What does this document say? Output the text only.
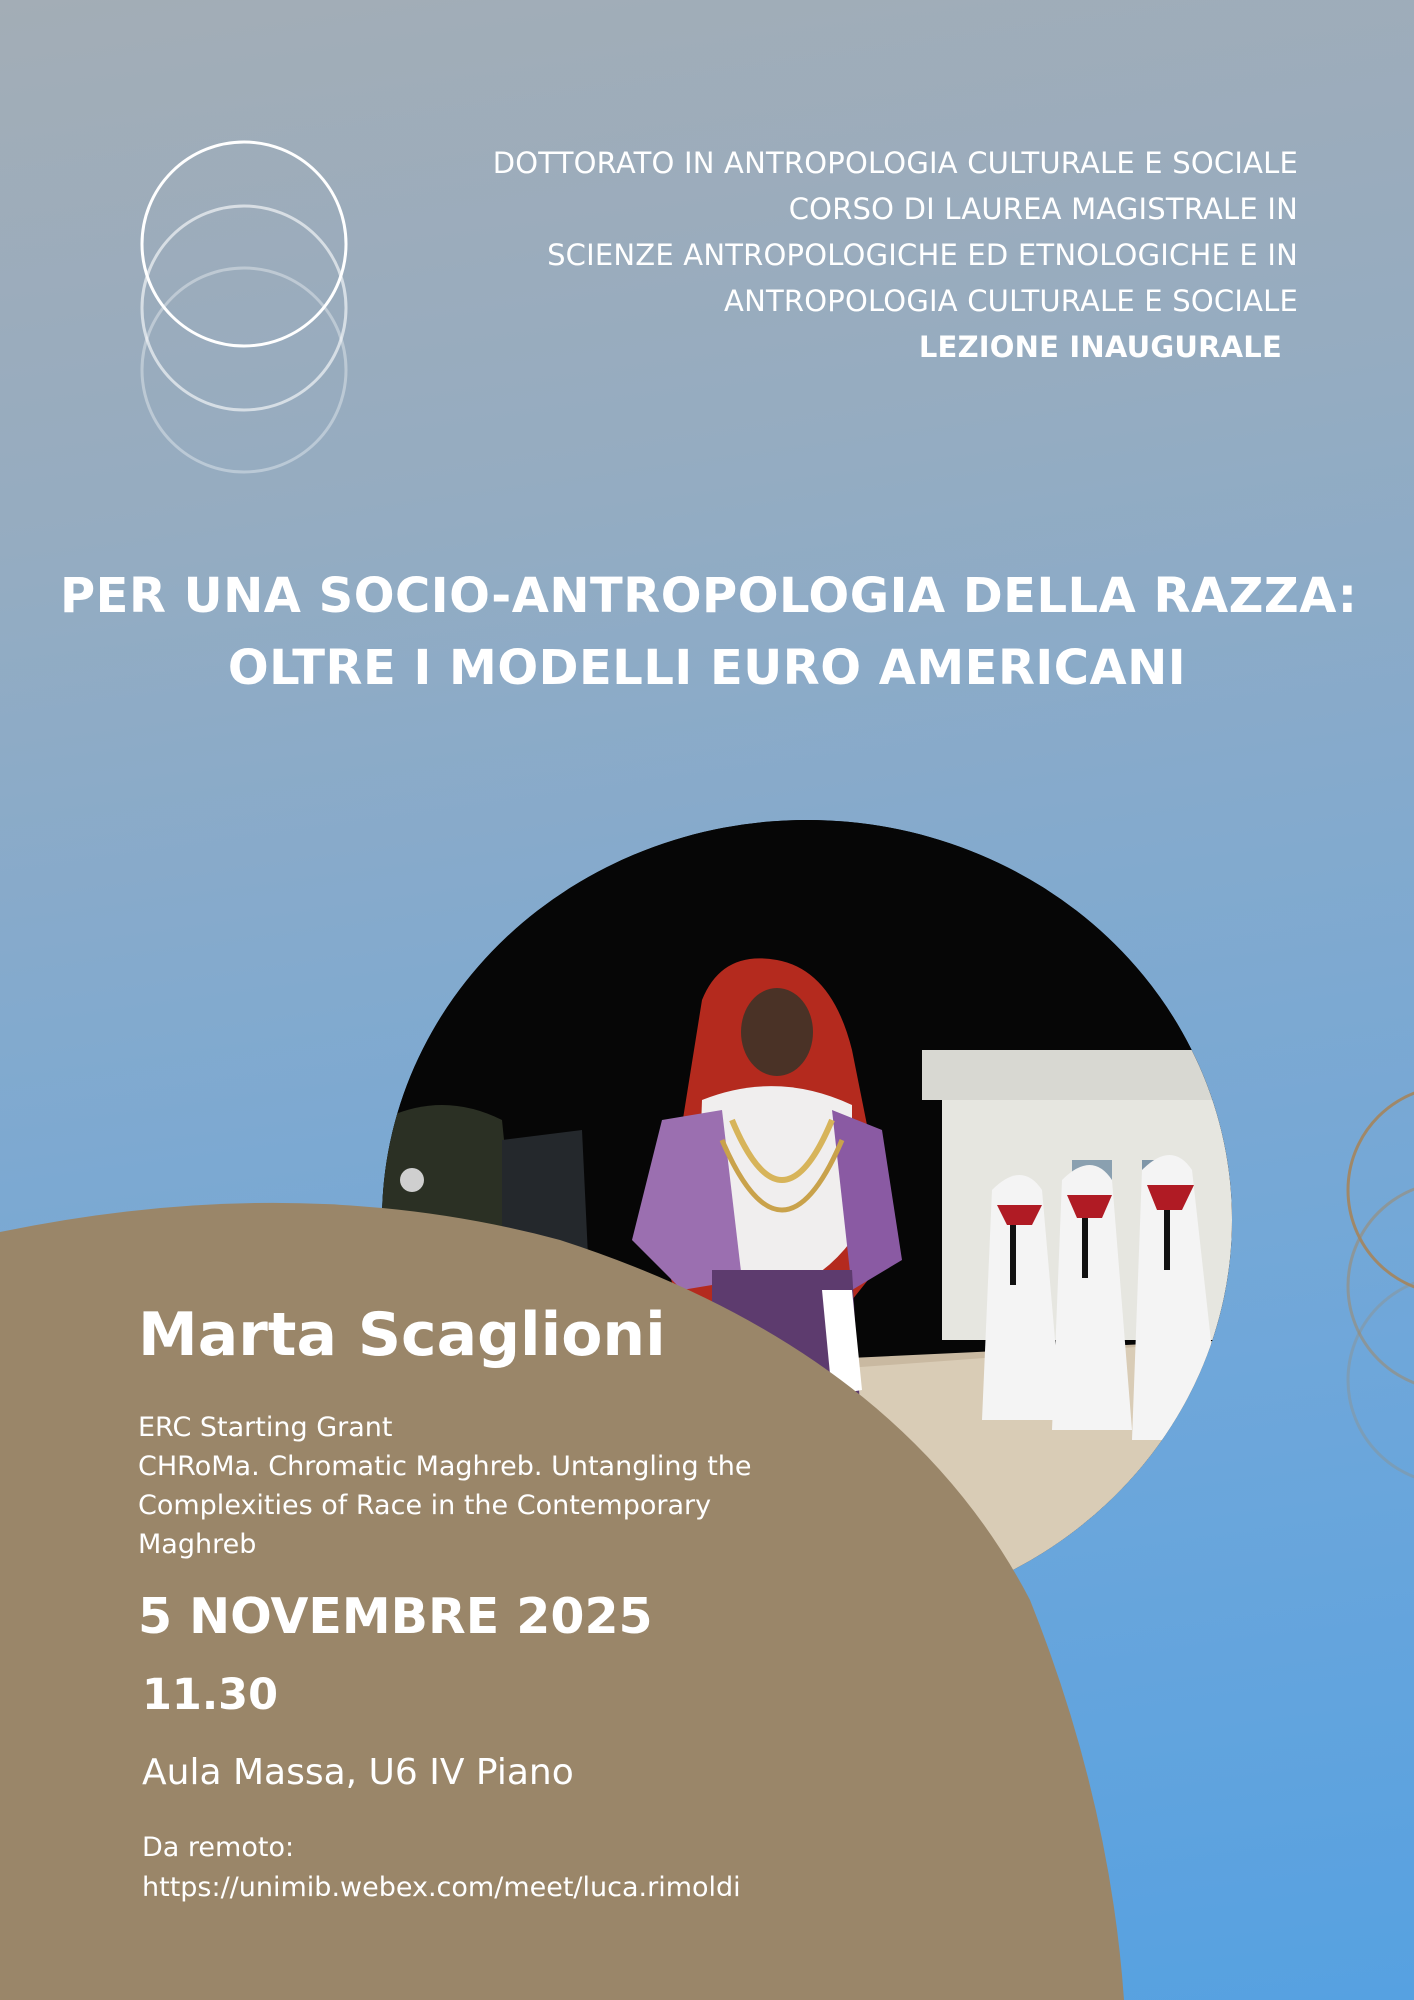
DOTTORATO IN ANTROPOLOGIA CULTURALE E SOCIALE
CORSO DI LAUREA MAGISTRALE IN
SCIENZE ANTROPOLOGICHE ED ETNOLOGICHE E IN
ANTROPOLOGIA CULTURALE E SOCIALE
LEZIONE INAUGURALE
PER UNA SOCIO-ANTROPOLOGIA DELLA RAZZA:
OLTRE I MODELLI EURO AMERICANI
Marta Scaglioni
ERC Starting Grant
CHRoMa. Chromatic Maghreb. Untangling the
Complexities of Race in the Contemporary
Maghreb
5 NOVEMBRE 2025
11.30
Aula Massa, U6 IV Piano
Da remoto:
https://unimib.webex.com/meet/luca.rimoldi
